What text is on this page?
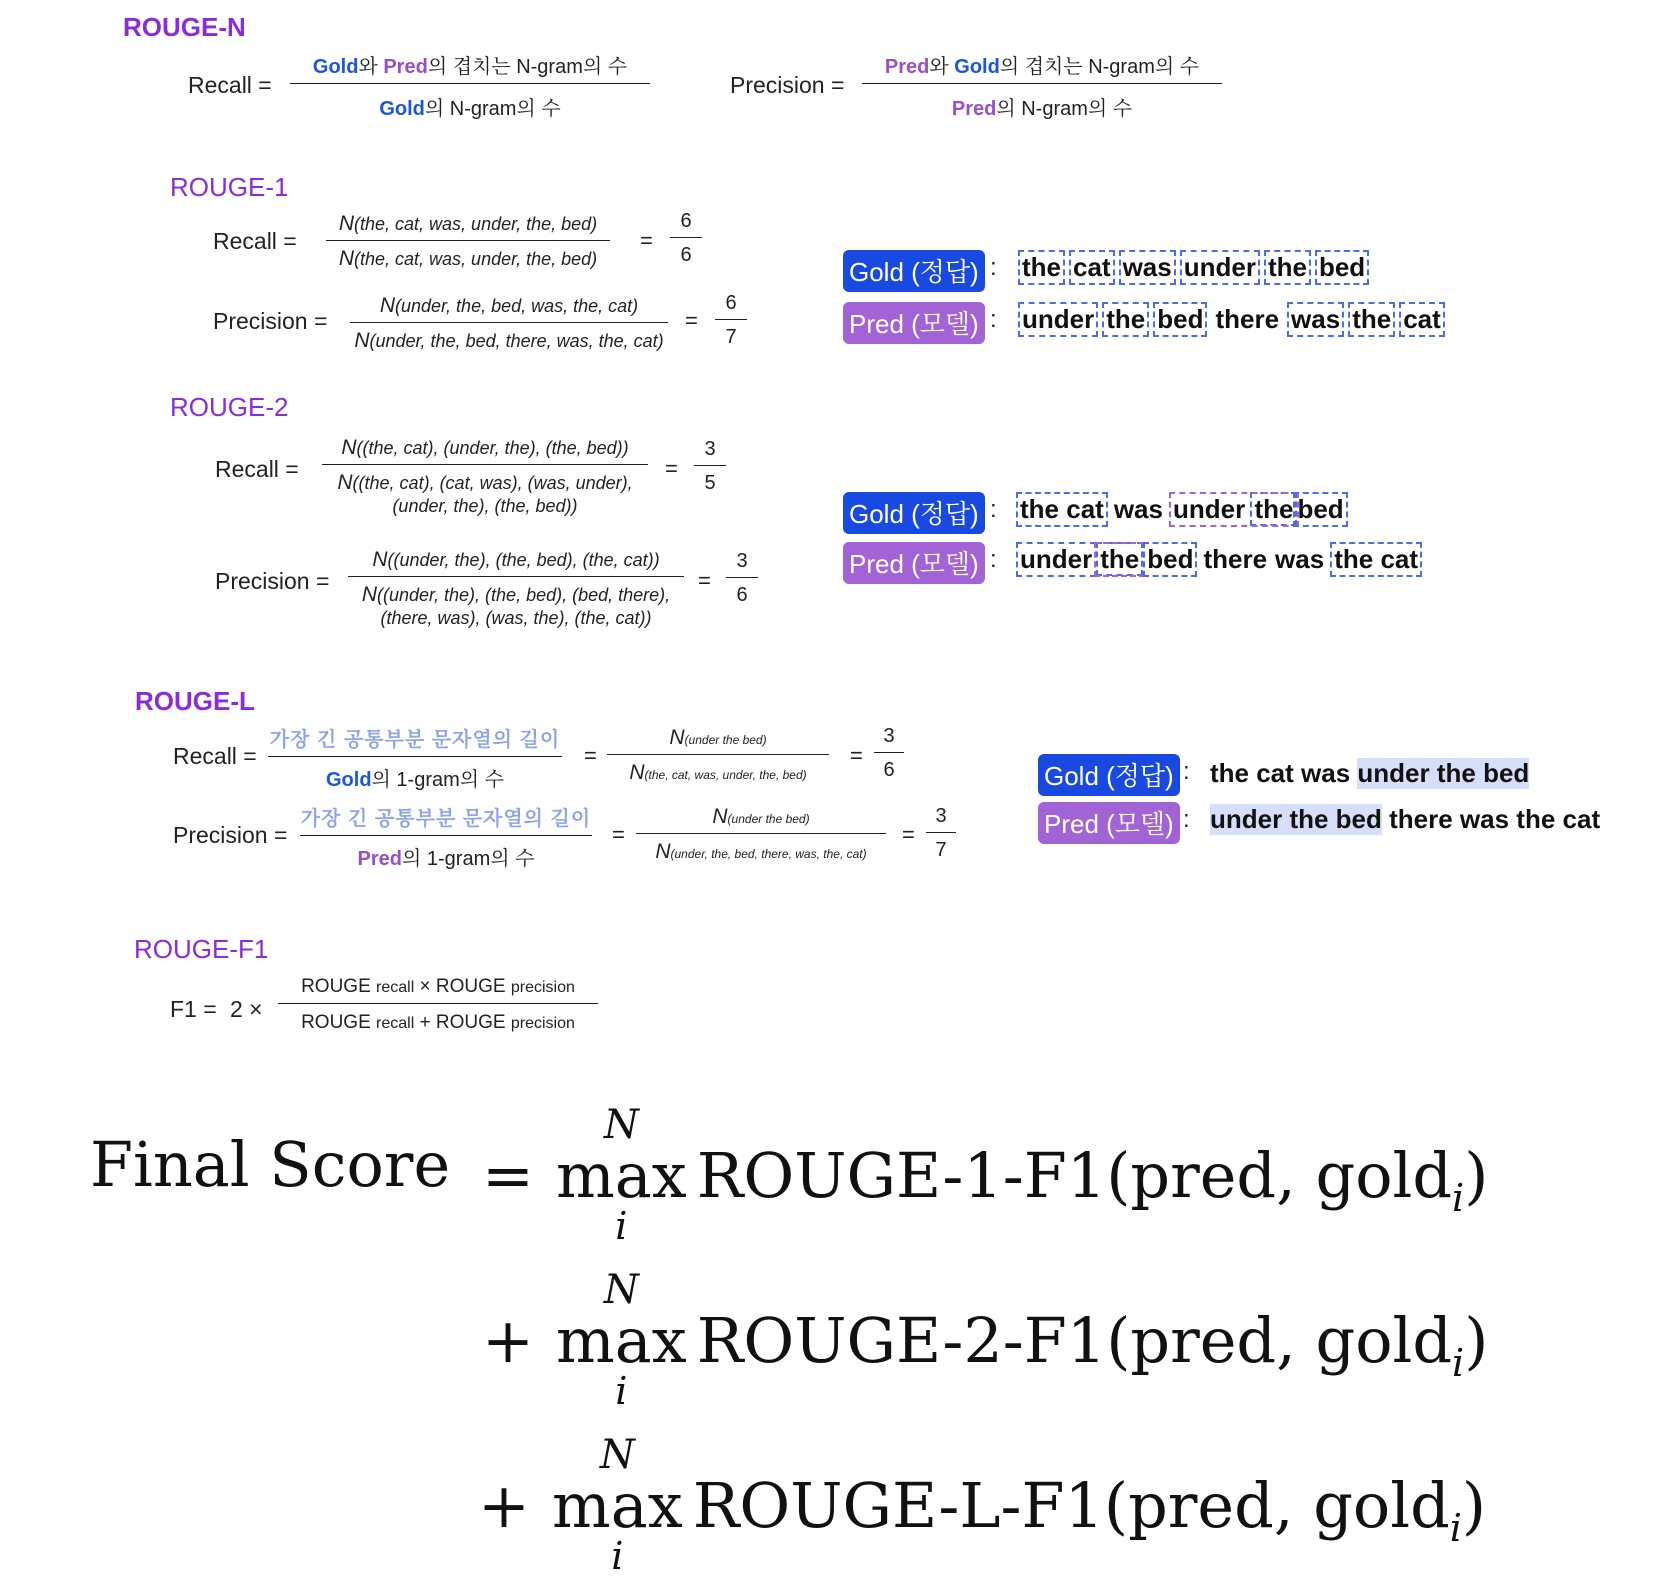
ROUGE-N
Recall =
Gold와 Pred의 겹치는 N-gram의 수
Gold의 N-gram의 수
Precision =
Pred와 Gold의 겹치는 N-gram의 수
Pred의 N-gram의 수
ROUGE-1
Recall =
N(the, cat, was, under, the, bed)
N(the, cat, was, under, the, bed)
=
6
6
Precision =
N(under, the, bed, was, the, cat)
N(under, the, bed, there, was, the, cat)
=
6
7
Gold (정답) : the cat was under the bed
Pred (모델) : under the bed there was the cat
ROUGE-2
Recall =
N((the, cat), (under, the), (the, bed))
N((the, cat), (cat, was), (was, under),
(under, the), (the, bed))
=
3
5
Precision =
N((under, the), (the, bed), (the, cat))
N((under, the), (the, bed), (bed, there),
(there, was), (was, the), (the, cat))
=
3
6
Gold (정답) : the cat was under the bed
Pred (모델) : under the bed there was the cat
ROUGE-L
Recall =
가장 긴 공통부분 문자열의 길이
Gold의 1-gram의 수
=
N(under the bed)
N(the, cat, was, under, the, bed)
=
3
6
Precision =
가장 긴 공통부분 문자열의 길이
Pred의 1-gram의 수
=
N(under the bed)
N(under, the, bed, there, was, the, cat)
=
3
7
Gold (정답) : the cat was under the bed
Pred (모델) : under the bed there was the cat
ROUGE-F1
F1 = 2 ×
ROUGE recall × ROUGE precision
ROUGE recall + ROUGE precision
Final Score =
N
max
i
ROUGE-1-F1 (pred, gold$_i$)
+
N
max
i
ROUGE-2-F1 (pred, gold$_i$)
+
N
max
i
ROUGE-L-F1 (pred, gold$_i$)
